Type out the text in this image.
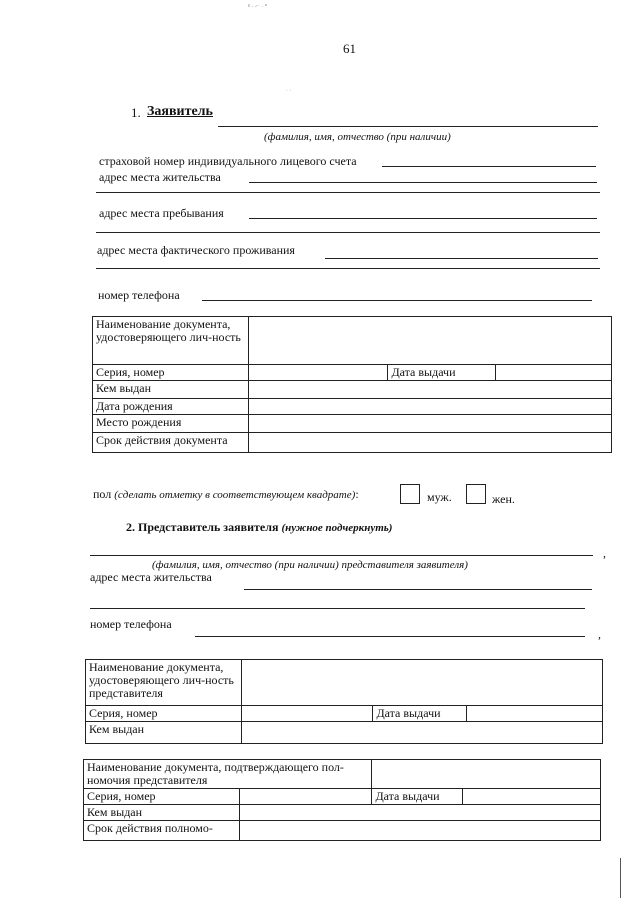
ε . .⌐ . ∘
· ·
61
1. Заявитель
(фамилия, имя, отчество (при наличии)
страховой номер индивидуального лицевого счета
адрес места жительства
адрес места пребывания
адрес места фактического проживания
номер телефона
Наименование документа, удостоверяющего лич-ность			
Серия, номер		Дата выдачи	
Кем выдан			
Дата рождения			
Место рождения			
Срок действия документа			
пол (сделать отметку в соответствующем квадрате):	муж.	жен.
2. Представитель заявителя (нужное подчеркнуть)
,
(фамилия, имя, отчество (при наличии) представителя заявителя)
адрес места жительства
номер телефона
,
Наименование документа, удостоверяющего лич-ность представителя			
Серия, номер		Дата выдачи	
Кем выдан			
Наименование документа, подтверждающего пол-номочия представителя			
Серия, номер		Дата выдачи	
Кем выдан			
Срок действия полномо-			
